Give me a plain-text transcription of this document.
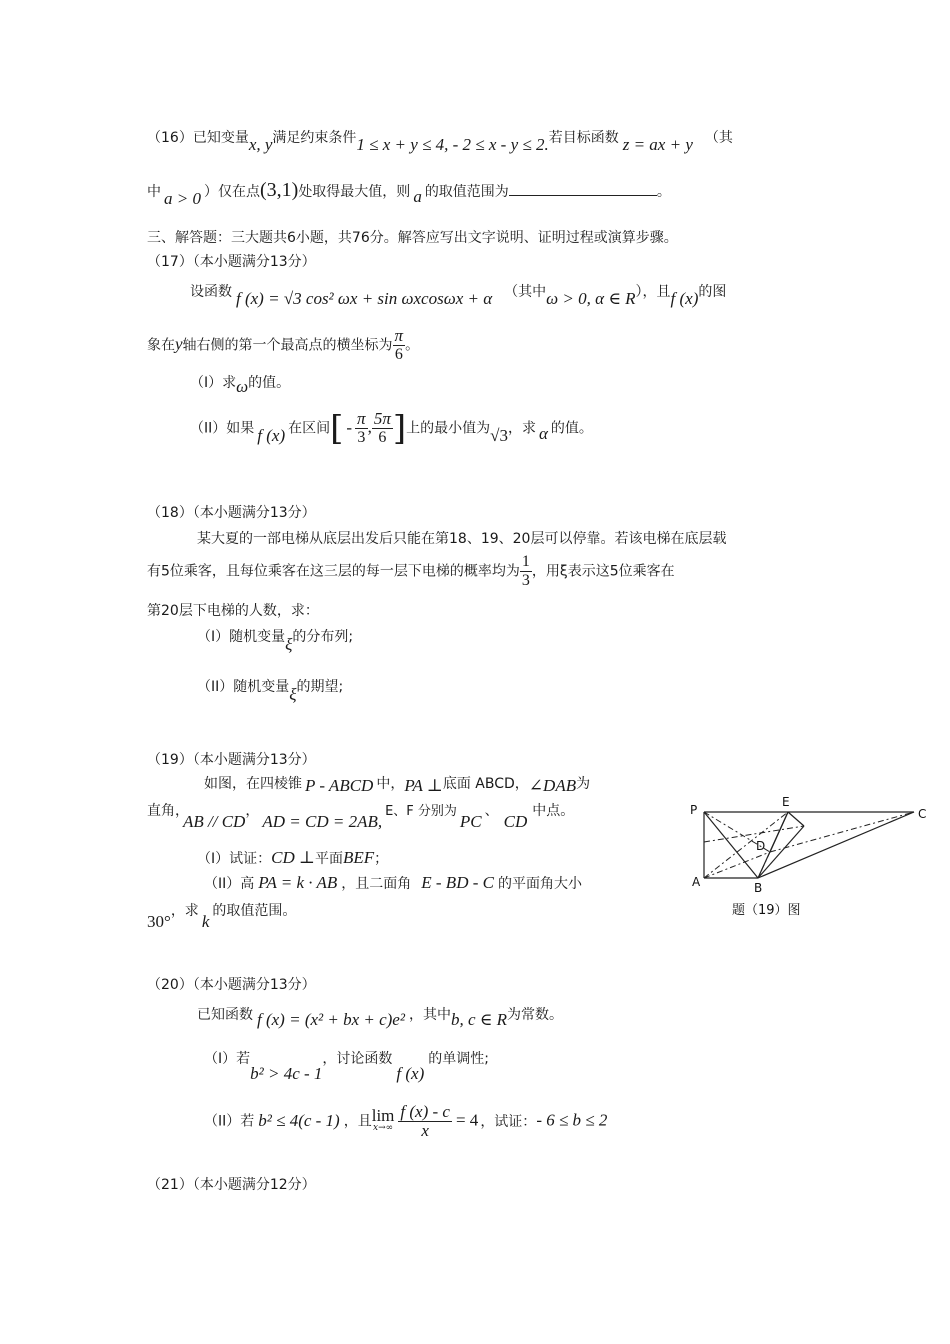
（16）已知变量x, y满足约束条件1 ≤ x + y ≤ 4, - 2 ≤ x - y ≤ 2.若目标函数 z = ax + y （其
中 a > 0 ）仅在点(3,1)处取得最大值，则 a 的取值范围为	。
三、解答题：三大题共6小题，共76分。解答应写出文字说明、证明过程或演算步骤。
（17）（本小题满分13分）
设函数 f (x) = √3 cos² ωx + sin ωxcosωx + α （其中ω > 0, α ∈ R），且f (x)的图
象在y轴右侧的第一个最高点的横坐标为 $\frac{\pi}{6}$ 。
（I）求ω的值。
（II）如果 f (x) 在区间[ - $\frac{\pi}{3}$ , $\frac{5\pi}{6}$ ]上的最小值为√3，求 α 的值。
（18）（本小题满分13分）
某大夏的一部电梯从底层出发后只能在第18、19、20层可以停靠。若该电梯在底层载
有5位乘客，且每位乘客在这三层的每一层下电梯的概率均为 $\frac{1}{3}$ ，用ξ表示这5位乘客在
第20层下电梯的人数，求：
（I）随机变量ξ的分布列;
（II）随机变量ξ的期望;
（19）（本小题满分13分）
如图，在四棱锥 P - ABCD 中，PA ⊥底面 ABCD，∠DAB为
直角，AB // CD，AD = CD = 2AB,E、F 分别为PC、CD中点。
（I）试证：CD ⊥平面BEF；
（II）高 PA = k · AB ，且二面角 E - BD - C 的平面角大小
30°，求k的取值范围。
P
E
C
D
A	B
题（19）图
（20）（本小题满分13分）
已知函数 f (x) = (x² + bx + c)e² ，其中b, c ∈ R为常数。
（I）若b² > 4c - 1，讨论函数f (x)的单调性;
（II）若 b² ≤ 4(c - 1) ，且 lim
$x\to\infty \frac{f (x) - c}{x} = 4$ ，试证：- 6 ≤ b ≤ 2
（21）（本小题满分12分）
